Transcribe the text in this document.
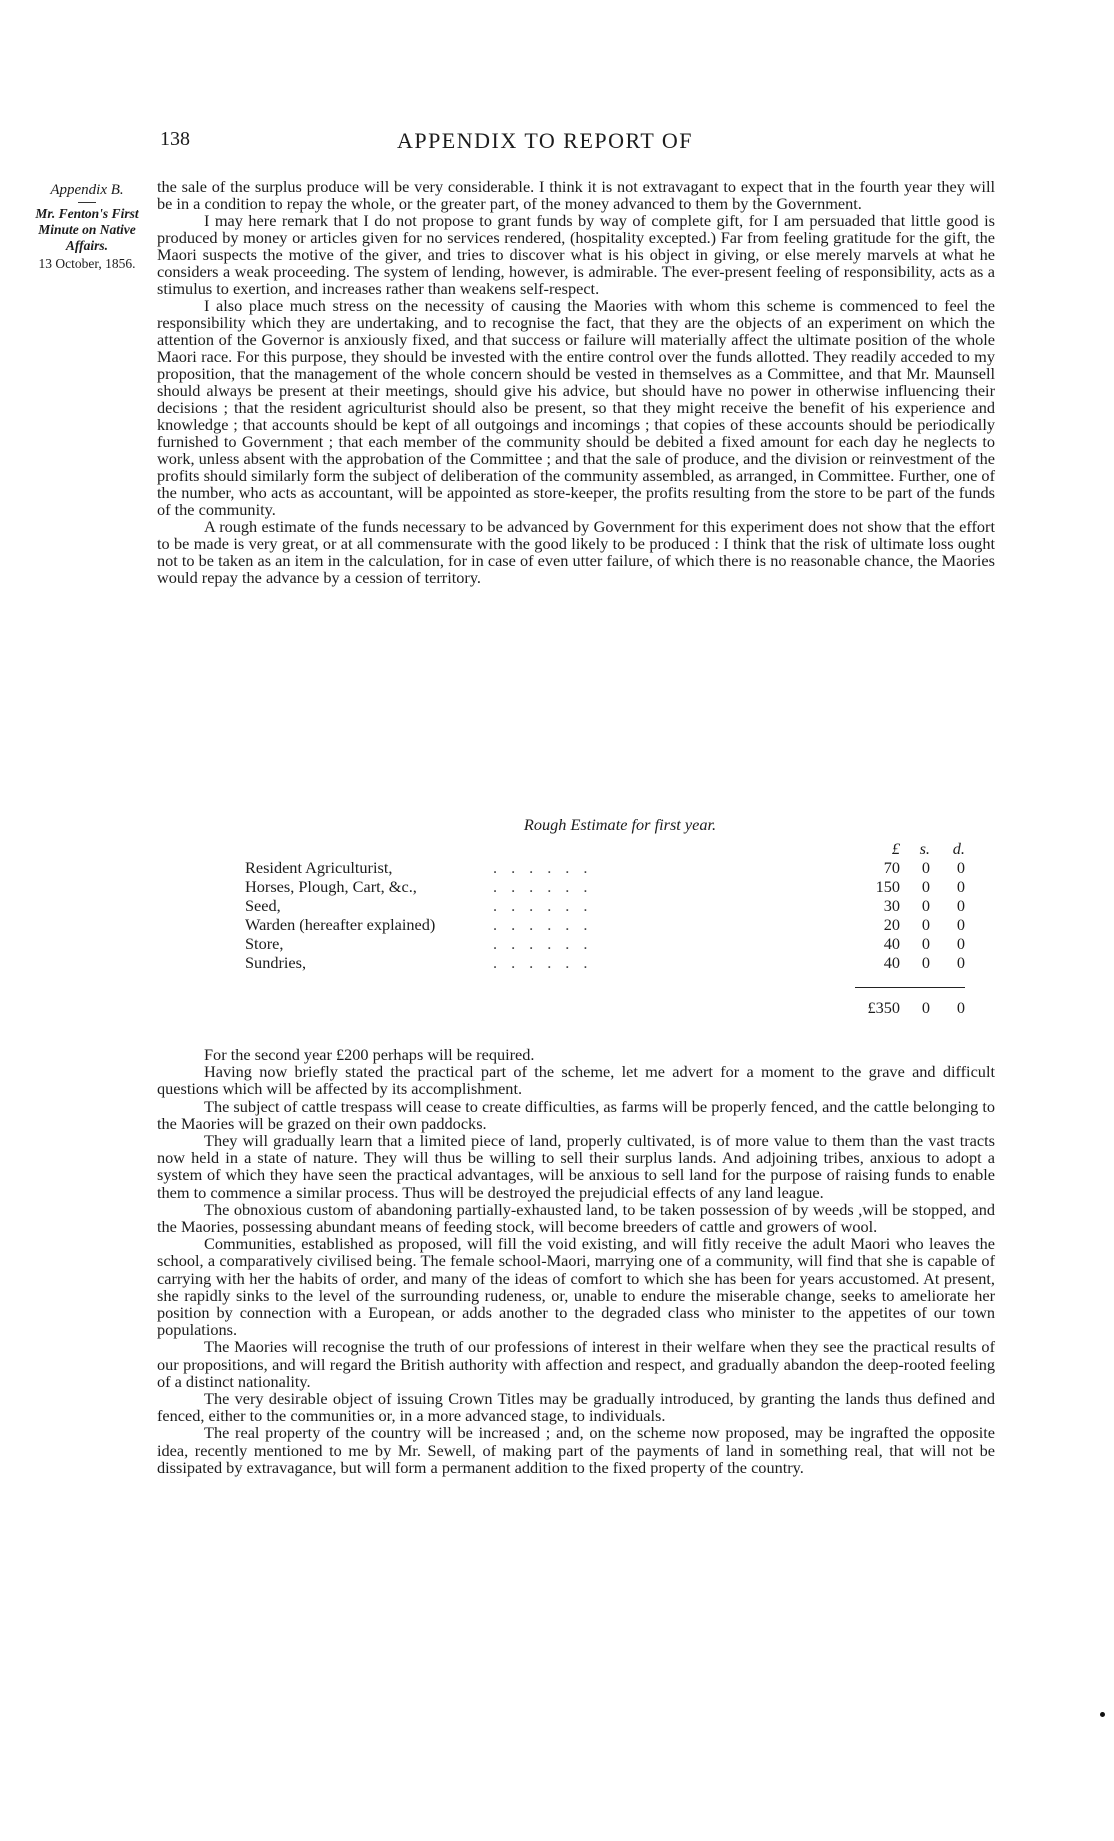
138	APPENDIX TO REPORT OF
Appendix B.
Mr. Fenton's First
Minute on Native
Affairs.
13 October, 1856.

the sale of the surplus produce will be very considerable. I think it is not extravagant to expect that in the fourth year they will be in a condition to repay the whole, or the greater part, of the money advanced to them by the Government.

I may here remark that I do not propose to grant funds by way of complete gift, for I am persuaded that little good is produced by money or articles given for no services rendered, (hospitality excepted.) Far from feeling gratitude for the gift, the Maori suspects the motive of the giver, and tries to discover what is his object in giving, or else merely marvels at what he considers a weak proceeding. The system of lending, however, is admirable. The ever-present feeling of responsibility, acts as a stimulus to exertion, and increases rather than weakens self-respect.

I also place much stress on the necessity of causing the Maories with whom this scheme is commenced to feel the responsibility which they are undertaking, and to recognise the fact, that they are the objects of an experiment on which the attention of the Governor is anxiously fixed, and that success or failure will materially affect the ultimate position of the whole Maori race. For this purpose, they should be invested with the entire control over the funds allotted. They readily acceded to my proposition, that the management of the whole concern should be vested in themselves as a Committee, and that Mr. Maunsell should always be present at their meetings, should give his advice, but should have no power in otherwise influencing their decisions ; that the resident agriculturist should also be present, so that they might receive the benefit of his experience and knowledge ; that accounts should be kept of all outgoings and incomings ; that copies of these accounts should be periodically furnished to Government ; that each member of the community should be debited a fixed amount for each day he neglects to work, unless absent with the approbation of the Committee ; and that the sale of produce, and the division or reinvestment of the profits should similarly form the subject of deliberation of the community assembled, as arranged, in Committee. Further, one of the number, who acts as accountant, will be appointed as store-keeper, the profits resulting from the store to be part of the funds of the community.

A rough estimate of the funds necessary to be advanced by Government for this experiment does not show that the effort to be made is very great, or at all commensurate with the good likely to be produced : I think that the risk of ultimate loss ought not to be taken as an item in the calculation, for in case of even utter failure, of which there is no reasonable chance, the Maories would repay the advance by a cession of territory.

Rough Estimate for first year.
£	s.	d.
Resident Agriculturist,	......	70	0	0
Horses, Plough, Cart, &c.,	......	150	0	0
Seed,	......	30	0	0
Warden (hereafter explained)	......	20	0	0
Store,	......	40	0	0
Sundries,	......	40	0	0
£350	0	0

For the second year £200 perhaps will be required.

Having now briefly stated the practical part of the scheme, let me advert for a moment to the grave and difficult questions which will be affected by its accomplishment.

The subject of cattle trespass will cease to create difficulties, as farms will be properly fenced, and the cattle belonging to the Maories will be grazed on their own paddocks.

They will gradually learn that a limited piece of land, properly cultivated, is of more value to them than the vast tracts now held in a state of nature. They will thus be willing to sell their surplus lands. And adjoining tribes, anxious to adopt a system of which they have seen the practical advantages, will be anxious to sell land for the purpose of raising funds to enable them to commence a similar process. Thus will be destroyed the prejudicial effects of any land league.

The obnoxious custom of abandoning partially-exhausted land, to be taken possession of by weeds ,will be stopped, and the Maories, possessing abundant means of feeding stock, will become breeders of cattle and growers of wool.

Communities, established as proposed, will fill the void existing, and will fitly receive the adult Maori who leaves the school, a comparatively civilised being. The female school-Maori, marrying one of a community, will find that she is capable of carrying with her the habits of order, and many of the ideas of comfort to which she has been for years accustomed. At present, she rapidly sinks to the level of the surrounding rudeness, or, unable to endure the miserable change, seeks to ameliorate her position by connection with a European, or adds another to the degraded class who minister to the appetites of our town populations.

The Maories will recognise the truth of our professions of interest in their welfare when they see the practical results of our propositions, and will regard the British authority with affection and respect, and gradually abandon the deep-rooted feeling of a distinct nationality.

The very desirable object of issuing Crown Titles may be gradually introduced, by granting the lands thus defined and fenced, either to the communities or, in a more advanced stage, to individuals.

The real property of the country will be increased ; and, on the scheme now proposed, may be ingrafted the opposite idea, recently mentioned to me by Mr. Sewell, of making part of the payments of land in something real, that will not be dissipated by extravagance, but will form a permanent addition to the fixed property of the country.
